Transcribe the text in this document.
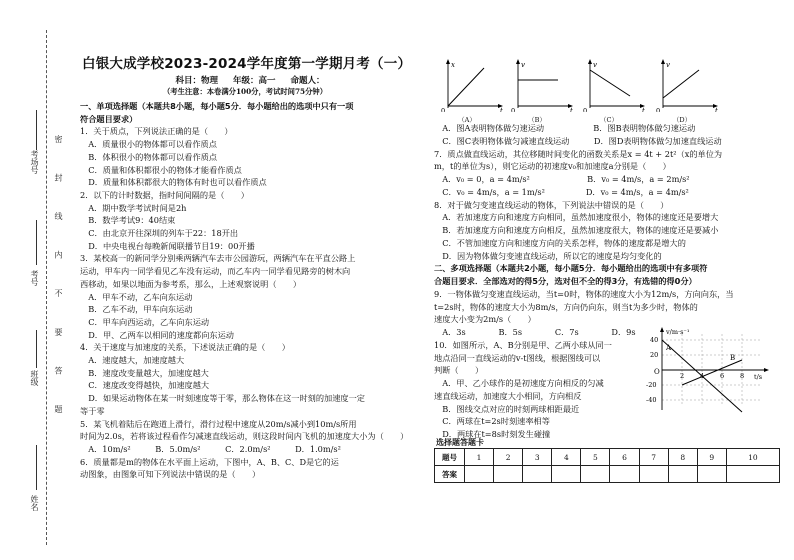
密 封 线 内 不 要 答 题
考场号
考号
班级
姓名
白银大成学校2023-2024学年度第一学期月考（一）
科目：物理 年级：高一 命题人：
（考生注意：本卷满分100分，考试时间75分钟）
一、单项选择题（本题共8小题，每小题5分．每小题给出的选项中只有一项
符合题目要求）
1．关于质点，下列说法正确的是（　　）
　A．质量很小的物体都可以看作质点
　B．体积很小的物体都可以看作质点
　C．质量和体积都很小的物体才能看作质点
　D．质量和体积都很大的物体有时也可以看作质点
2．以下的计时数据，指时间间隔的是（　　）
　A．期中数学考试时间是2h
　B．数学考试9：40结束
　C．由北京开往深圳的列车于22：18开出
　D．中央电视台每晚新闻联播节目19：00开播
3．某校高一的新同学分别乘两辆汽车去市公园游玩，两辆汽车在平直公路上
运动，甲车内一同学看见乙车没有运动，而乙车内一同学看见路旁的树木向
西移动，如果以地面为参考系，那么，上述观察说明（　　）
　A．甲车不动，乙车向东运动
　B．乙车不动，甲车向东运动
　C．甲车向西运动，乙车向东运动
　D．甲、乙两车以相同的速度都向东运动
4．关于速度与加速度的关系，下述说法正确的是（　　）
　A．速度越大，加速度越大
　B．速度改变量越大，加速度越大
　C．速度改变得越快，加速度越大
　D．如果运动物体在某一时刻速度等于零，那么物体在这一时刻的加速度一定
等于零
5．某飞机着陆后在跑道上滑行，滑行过程中速度从20m/s减小到10m/s所用
时间为2.0s，若将该过程看作匀减速直线运动，则这段时间内飞机的加速度大小为（　　）
　A．10m/s²　　　B．5.0m/s²　　　C．2.0m/s²　　　D．1.0m/s²
6．质量都是m的物体在水平面上运动，下图中，A、B、C、D是它的运
动图象，由图象可知下列说法中错误的是（　　）
x
t
0
（A）
v
t
0
（B）
v
t
0
（C）
v
t
0
（D）
　A．图A表明物体做匀速运动　　　　　　B．图B表明物体做匀速运动
　C．图C表明物体做匀减速直线运动　　　D．图D表明物体做匀加速直线运动
7．质点做直线运动，其位移随时间变化的函数关系是x = 4t + 2t²（x的单位为
m，t的单位为s），则它运动的初速度v₀和加速度a分别是（　　）
　A．v₀ = 0，a = 4m/s²　　　　　　　B．v₀ = 4m/s，a = 2m/s²
　C．v₀ = 4m/s，a = 1m/s²　　　　　D．v₀ = 4m/s，a = 4m/s²
8．对于做匀变速直线运动的物体，下列说法中错误的是（　　）
　A．若加速度方向和速度方向相同，虽然加速度很小，物体的速度还是要增大
　B．若加速度方向和速度方向相反，虽然加速度很大，物体的速度还是要减小
　C．不管加速度方向和速度方向的关系怎样，物体的速度都是增大的
　D．因为物体做匀变速直线运动，所以它的速度是均匀变化的
二、多项选择题（本题共2小题，每小题5分．每小题给出的选项中有多项符
合题目要求．全部选对的得5分，选对但不全的得3分，有选错的得0分）
9．一物体做匀变速直线运动，当t=0时，物体的速度大小为12m/s，方向向东，当
t=2s时，物体的速度大小为8m/s，方向仍向东，则当t为多少时，物体的
速度大小变为2m/s（　　）
　A．3s　　　　B．5s　　　　C．7s　　　　D．9s
10．如图所示，A、B分别是甲、乙两小球从同一
地点沿同一直线运动的v-t图线，根据图线可以
判断（　　）
　A．甲、乙小球作的是初速度方向相反的匀减
速直线运动，加速度大小相同，方向相反
　B．图线交点对应的时刻两球相距最近
　C．两球在t=2s时刻速率相等
　D．两球在t=8s时刻发生碰撞
v/m·s⁻¹
t/s
O
40
20
-20
-40
2 4 6 8
A
B
选择题答题卡
题号	1	2	3	4	5	6	7	8	9	10
答案										
